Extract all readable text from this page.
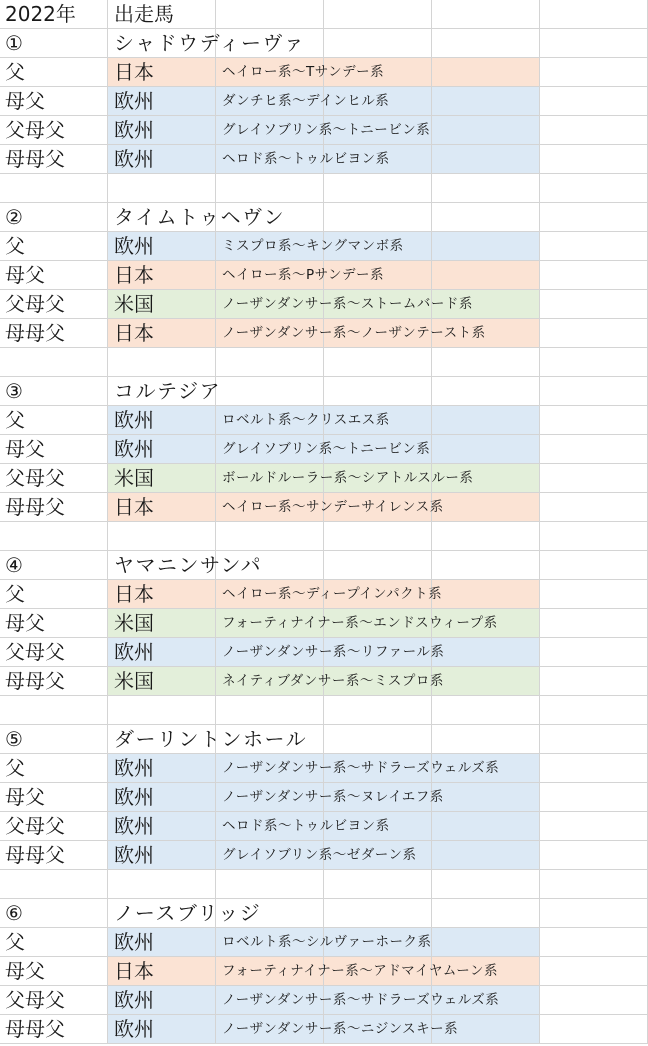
2022年 出走馬
①	シャドウディーヴァ
父	日本	ヘイロー系～Tサンデー系
母父	欧州	ダンチヒ系～デインヒル系
父母父 欧州	グレイソブリン系～トニービン系
母母父 欧州	ヘロド系～トゥルビヨン系
②	タイムトゥヘヴン
父	欧州	ミスプロ系～キングマンボ系
母父	日本	ヘイロー系～Pサンデー系
父母父 米国	ノーザンダンサー系～ストームバード系
母母父 日本	ノーザンダンサー系～ノーザンテースト系
③	コルテジア
父	欧州	ロベルト系～クリスエス系
母父	欧州	グレイソブリン系～トニービン系
父母父 米国	ボールドルーラー系～シアトルスルー系
母母父 日本	ヘイロー系～サンデーサイレンス系
④	ヤマニンサンパ
父	日本	ヘイロー系～ディープインパクト系
母父	米国	フォーティナイナー系～エンドスウィープ系
父母父 欧州	ノーザンダンサー系～リファール系
母母父 米国	ネイティブダンサー系～ミスプロ系
⑤	ダーリントンホール
父	欧州	ノーザンダンサー系～サドラーズウェルズ系
母父	欧州	ノーザンダンサー系～ヌレイエフ系
父母父 欧州	ヘロド系～トゥルビヨン系
母母父 欧州	グレイソブリン系～ゼダーン系
⑥	ノースブリッジ
父	欧州	ロベルト系～シルヴァーホーク系
母父	日本	フォーティナイナー系～アドマイヤムーン系
父母父 欧州	ノーザンダンサー系～サドラーズウェルズ系
母母父 欧州	ノーザンダンサー系～ニジンスキー系
